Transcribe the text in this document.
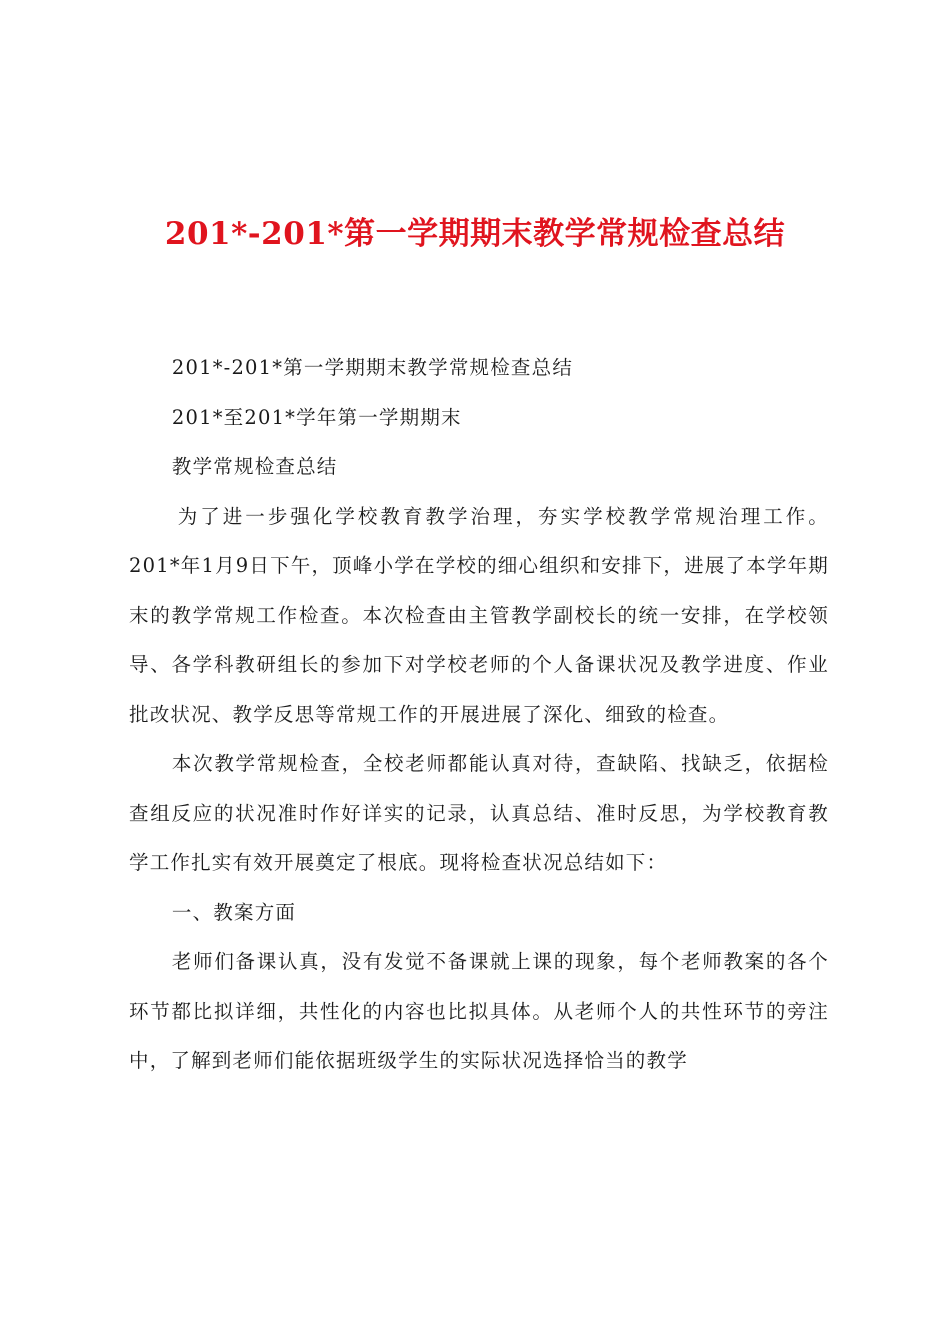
201*-201*第一学期期末教学常规检查总结

201*-201*第一学期期末教学常规检查总结

201*至201*学年第一学期期末

教学常规检查总结

为了进一步强化学校教育教学治理，夯实学校教学常规治理工作。201*年1月9日下午，顶峰小学在学校的细心组织和安排下，进展了本学年期末的教学常规工作检查。本次检查由主管教学副校长的统一安排，在学校领导、各学科教研组长的参加下对学校老师的个人备课状况及教学进度、作业批改状况、教学反思等常规工作的开展进展了深化、细致的检查。

本次教学常规检查，全校老师都能认真对待，查缺陷、找缺乏，依据检查组反应的状况准时作好详实的记录，认真总结、准时反思，为学校教育教学工作扎实有效开展奠定了根底。现将检查状况总结如下：

一、教案方面

老师们备课认真，没有发觉不备课就上课的现象，每个老师教案的各个环节都比拟详细，共性化的内容也比拟具体。从老师个人的共性环节的旁注中，了解到老师们能依据班级学生的实际状况选择恰当的教学
